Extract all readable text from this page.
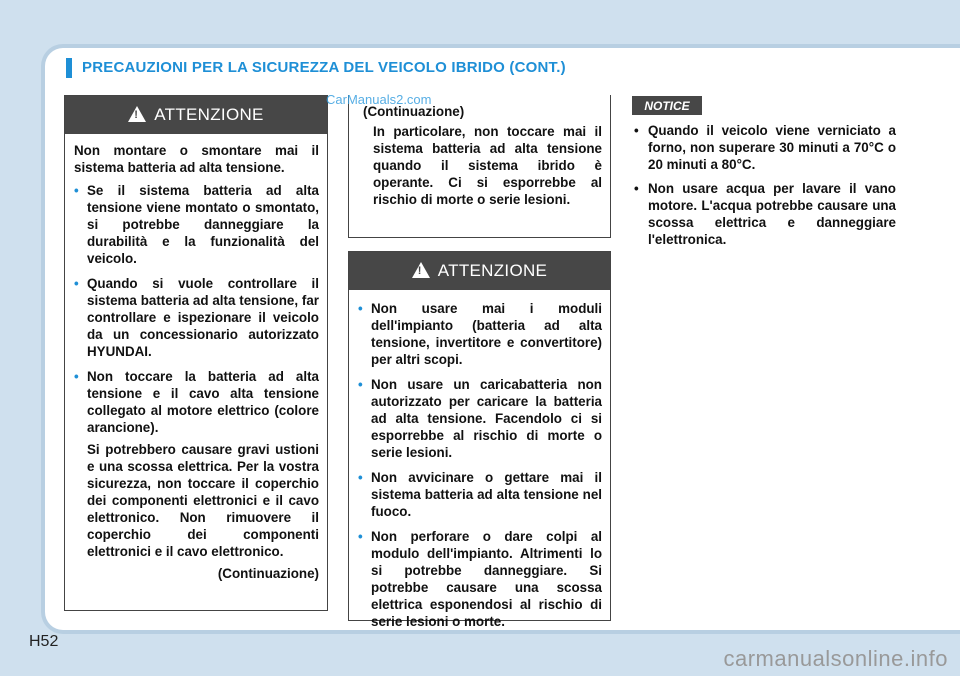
PRECAUZIONI PER LA SICUREZZA DEL VEICOLO IBRIDO (CONT.)
!
ATTENZIONE

Non montare o smontare mai il sistema batteria ad alta tensione.

• Se il sistema batteria ad alta tensione viene montato o smontato, si potrebbe danneggiare la durabilità e la funzionalità del veicolo.
• Quando si vuole controllare il sistema batteria ad alta tensione, far controllare e ispezionare il veicolo da un concessionario autorizzato HYUNDAI.
• Non toccare la batteria ad alta tensione e il cavo alta tensione collegato al motore elettrico (colore arancione).
Si potrebbero causare gravi ustioni e una scossa elettrica. Per la vostra sicurezza, non toccare il coperchio dei componenti elettronici e il cavo elettronico. Non rimuovere il coperchio dei componenti elettronici e il cavo elettronico.
(Continuazione)
(Continuazione)
In particolare, non toccare mai il sistema batteria ad alta tensione quando il sistema ibrido è operante. Ci si esporrebbe al rischio di morte o serie lesioni.
!
ATTENZIONE
• Non usare mai i moduli dell'impianto (batteria ad alta tensione, invertitore e convertitore) per altri scopi.
• Non usare un caricabatteria non autorizzato per caricare la batteria ad alta tensione. Facendolo ci si esporrebbe al rischio di morte o serie lesioni.
• Non avvicinare o gettare mai il sistema batteria ad alta tensione nel fuoco.
• Non perforare o dare colpi al modulo dell'impianto. Altrimenti lo si potrebbe danneggiare. Si potrebbe causare una scossa elettrica esponendosi al rischio di serie lesioni o morte.
NOTICE
• Quando il veicolo viene verniciato a forno, non superare 30 minuti a 70°C o 20 minuti a 80°C.
• Non usare acqua per lavare il vano motore. L'acqua potrebbe causare una scossa elettrica e danneggiare l'elettronica.
H52
CarManuals2.com
carmanualsonline.info
